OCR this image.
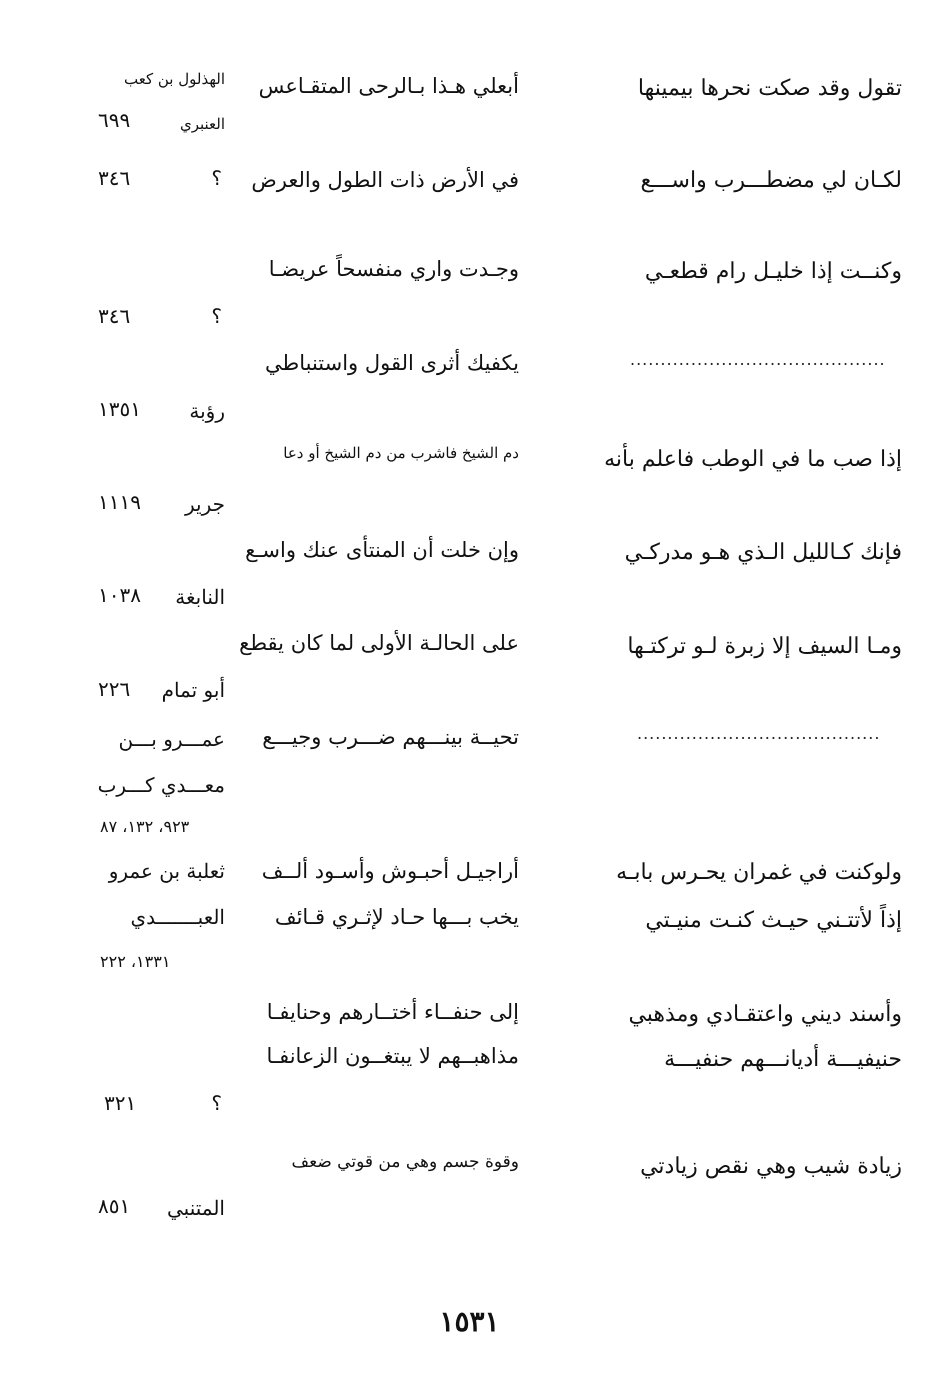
تقول وقد صكت نحرها بيمينها
أبعلي هـذا بـالرحى المتقـاعس
الهذلول بن كعب
العنبري
٦٩٩
لكـان لي مضطـــرب واســـع
في الأرض ذات الطول والعرض
؟
٣٤٦
وكنــت إذا خليـل رام قطعـي
وجـدت واري منفسحاً عريضـا
؟
٣٤٦
..........................................
يكفيك أثرى القول واستنباطي
رؤبة
١٣٥١
إذا صب ما في الوطب فاعلم بأنه
دم الشيخ فاشرب من دم الشيخ أو دعا
جرير
١١١٩
فإنك كـالليل الـذي هـو مدركـي
وإن خلت أن المنتأى عنك واسـع
النابغة
١٠٣٨
ومـا السيف إلا زبرة لـو تركتـها
على الحالـة الأولى لما كان يقطع
أبو تمام
٢٢٦
........................................
تحيــة بينـــهم ضـــرب وجيـــع
عمـــرو بـــن
معـــدي كـــرب
٩٢٣، ١٣٢، ٨٧
ولوكنت في غمران يحـرس بابـه
إذاً لأتتـني حيـث كنـت منيـتي
أراجيـل أحبـوش وأسـود ألــف
يخب بـــها حـاد لإثـري قـائف
ثعلبة بن عمرو
العبـــــــدي
١٣٣١، ٢٢٢
وأسند ديني واعتقـادي ومذهبي
حنيفيـــة أديانـــهم حنفيـــة
إلى حنفــاء أختــارهم وحنايفـا
مذاهبــهم لا يبتغــون الزعانفـا
؟
٣٢١
زيادة شيب وهي نقص زيادتي
وقوة جسم وهي من قوتي ضعف
المتنبي
٨٥١
١٥٣١
